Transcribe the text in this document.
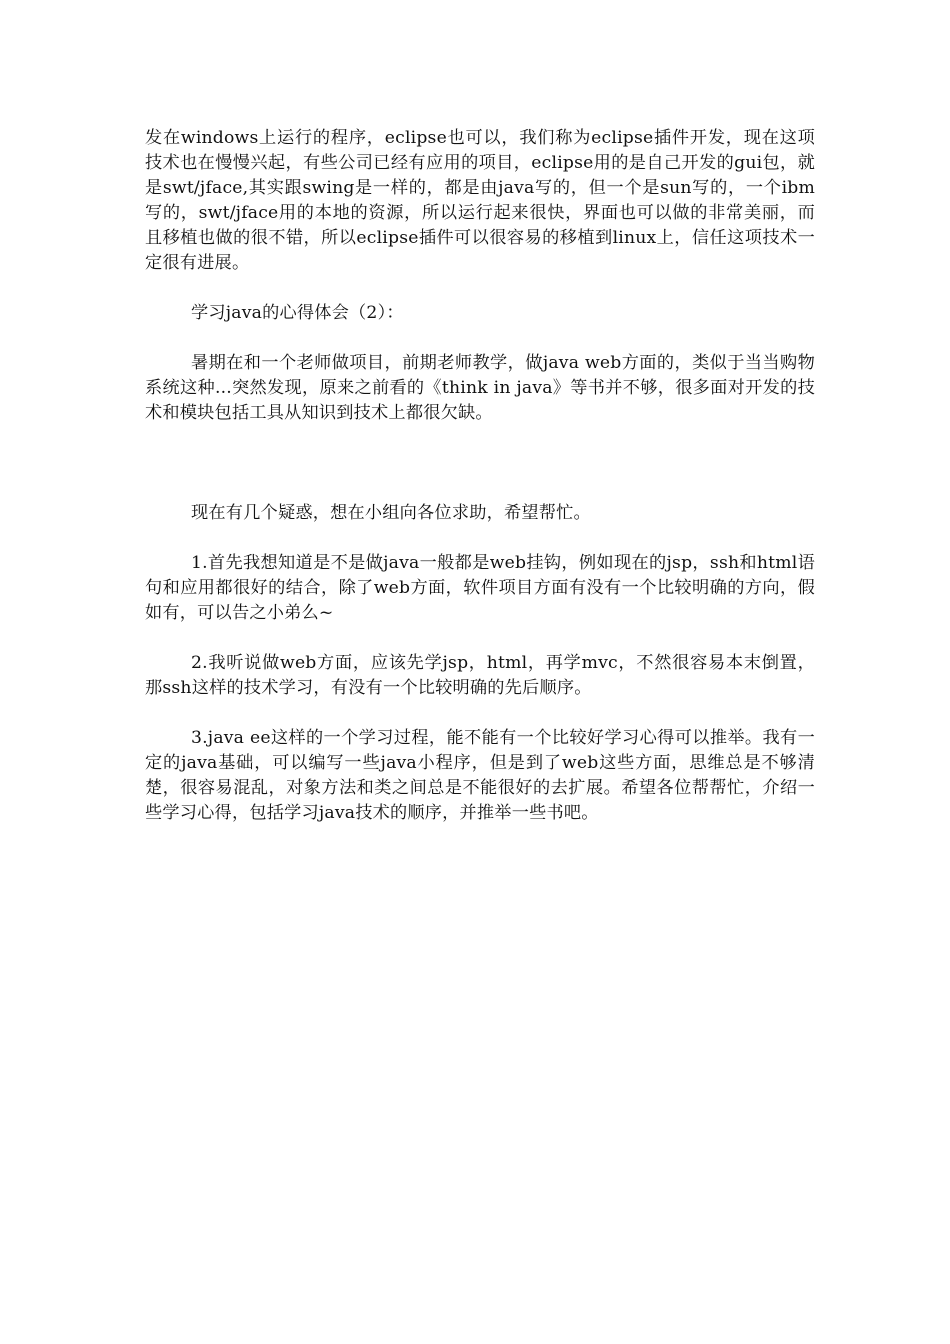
发在windows上运行的程序，eclipse也可以，我们称为eclipse插件开发，现在这项技术也在慢慢兴起，有些公司已经有应用的项目，eclipse用的是自己开发的gui包，就是swt/jface,其实跟swing是一样的，都是由java写的，但一个是sun写的，一个ibm写的，swt/jface用的本地的资源，所以运行起来很快，界面也可以做的非常美丽，而且移植也做的很不错，所以eclipse插件可以很容易的移植到linux上，信任这项技术一定很有进展。

学习java的心得体会（2）：

暑期在和一个老师做项目，前期老师教学，做java web方面的，类似于当当购物系统这种...突然发现，原来之前看的《think in java》等书并不够，很多面对开发的技术和模块包括工具从知识到技术上都很欠缺。

现在有几个疑惑，想在小组向各位求助，希望帮忙。

1.首先我想知道是不是做java一般都是web挂钩，例如现在的jsp，ssh和html语句和应用都很好的结合，除了web方面，软件项目方面有没有一个比较明确的方向，假如有，可以告之小弟么~

2.我听说做web方面，应该先学jsp，html，再学mvc，不然很容易本末倒置，那ssh这样的技术学习，有没有一个比较明确的先后顺序。

3.java ee这样的一个学习过程，能不能有一个比较好学习心得可以推举。我有一定的java基础，可以编写一些java小程序，但是到了web这些方面，思维总是不够清楚，很容易混乱，对象方法和类之间总是不能很好的去扩展。希望各位帮帮忙，介绍一些学习心得，包括学习java技术的顺序，并推举一些书吧。
